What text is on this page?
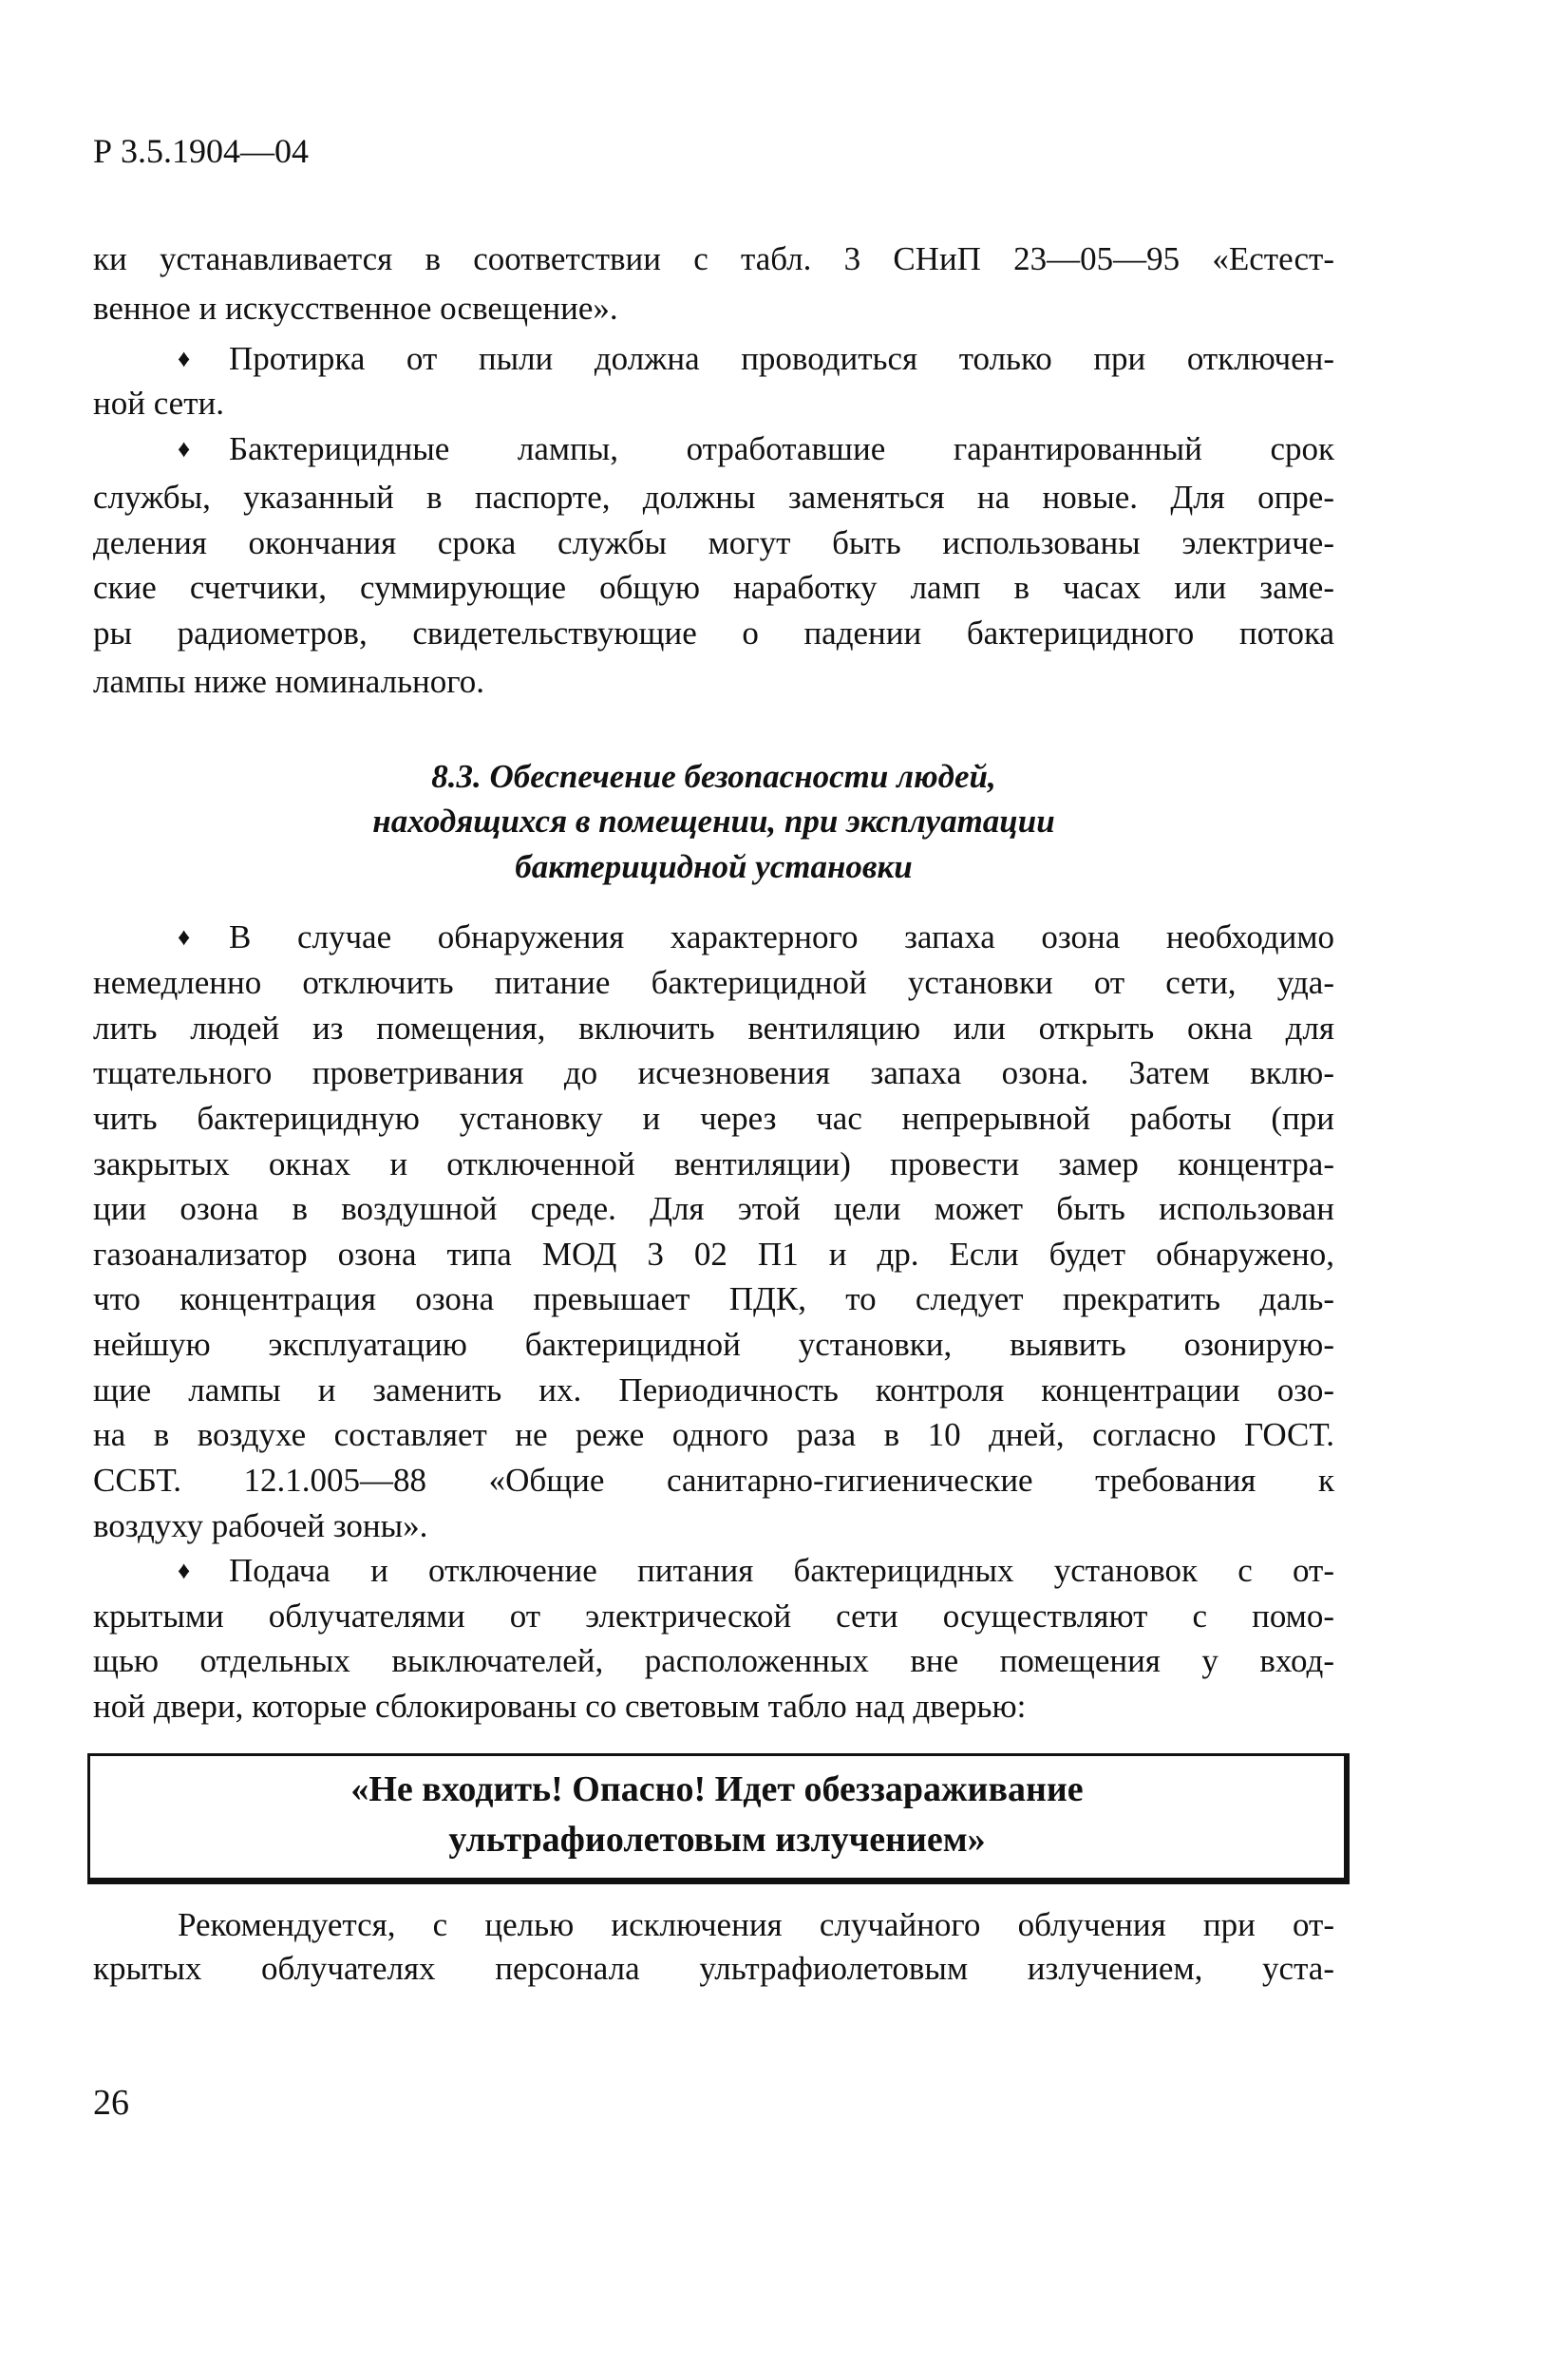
Р 3.5.1904—04
ки устанавливается в соответствии с табл. 3 СНиП 23—05—95 «Естест-
венное и искусственное освещение».
♦ Протирка от пыли должна проводиться только при отключен-
ной сети.
♦ Бактерицидные лампы, отработавшие гарантированный срок
службы, указанный в паспорте, должны заменяться на новые. Для опре-
деления окончания срока службы могут быть использованы электриче-
ские счетчики, суммирующие общую наработку ламп в часах или заме-
ры радиометров, свидетельствующие о падении бактерицидного потока
лампы ниже номинального.
8.3. Обеспечение безопасности людей,
находящихся в помещении, при эксплуатации
бактерицидной установки
♦ В случае обнаружения характерного запаха озона необходимо
немедленно отключить питание бактерицидной установки от сети, уда-
лить людей из помещения, включить вентиляцию или открыть окна для
тщательного проветривания до исчезновения запаха озона. Затем вклю-
чить бактерицидную установку и через час непрерывной работы (при
закрытых окнах и отключенной вентиляции) провести замер концентра-
ции озона в воздушной среде. Для этой цели может быть использован
газоанализатор озона типа МОД 3 02 П1 и др. Если будет обнаружено,
что концентрация озона превышает ПДК, то следует прекратить даль-
нейшую эксплуатацию бактерицидной установки, выявить озонирую-
щие лампы и заменить их. Периодичность контроля концентрации озо-
на в воздухе составляет не реже одного раза в 10 дней, согласно ГОСТ.
ССБТ. 12.1.005—88 «Общие санитарно-гигиенические требования к
воздуху рабочей зоны».
♦ Подача и отключение питания бактерицидных установок с от-
крытыми облучателями от электрической сети осуществляют с помо-
щью отдельных выключателей, расположенных вне помещения у вход-
ной двери, которые сблокированы со световым табло над дверью:
«Не входить! Опасно! Идет обеззараживание
ультрафиолетовым излучением»
Рекомендуется, с целью исключения случайного облучения при от-
крытых облучателях персонала ультрафиолетовым излучением, уста-
26
